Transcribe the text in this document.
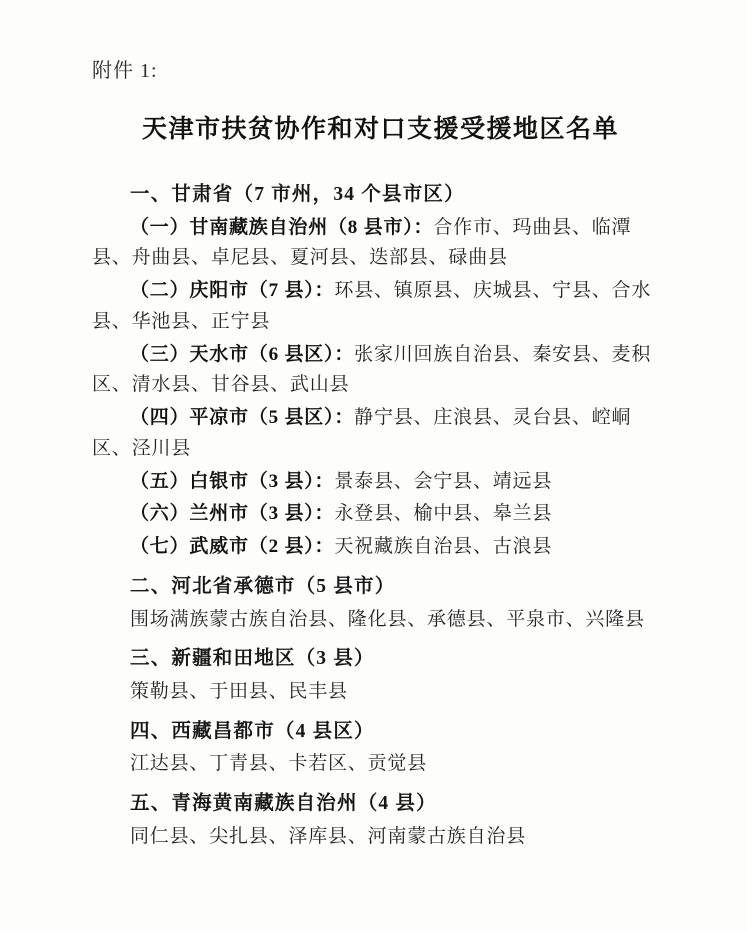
附件 1:
天津市扶贫协作和对口支援受援地区名单
一、甘肃省（7 市州，34 个县市区）

（一）甘南藏族自治州（8 县市）：合作市、玛曲县、临潭县、舟曲县、卓尼县、夏河县、迭部县、碌曲县

（二）庆阳市（7 县）：环县、镇原县、庆城县、宁县、合水县、华池县、正宁县

（三）天水市（6 县区）：张家川回族自治县、秦安县、麦积区、清水县、甘谷县、武山县

（四）平凉市（5 县区）：静宁县、庄浪县、灵台县、崆峒区、泾川县

（五）白银市（3 县）：景泰县、会宁县、靖远县

（六）兰州市（3 县）：永登县、榆中县、皋兰县

（七）武威市（2 县）：天祝藏族自治县、古浪县

二、河北省承德市（5 县市）

围场满族蒙古族自治县、隆化县、承德县、平泉市、兴隆县

三、新疆和田地区（3 县）

策勒县、于田县、民丰县

四、西藏昌都市（4 县区）

江达县、丁青县、卡若区、贡觉县

五、青海黄南藏族自治州（4 县）

同仁县、尖扎县、泽库县、河南蒙古族自治县
